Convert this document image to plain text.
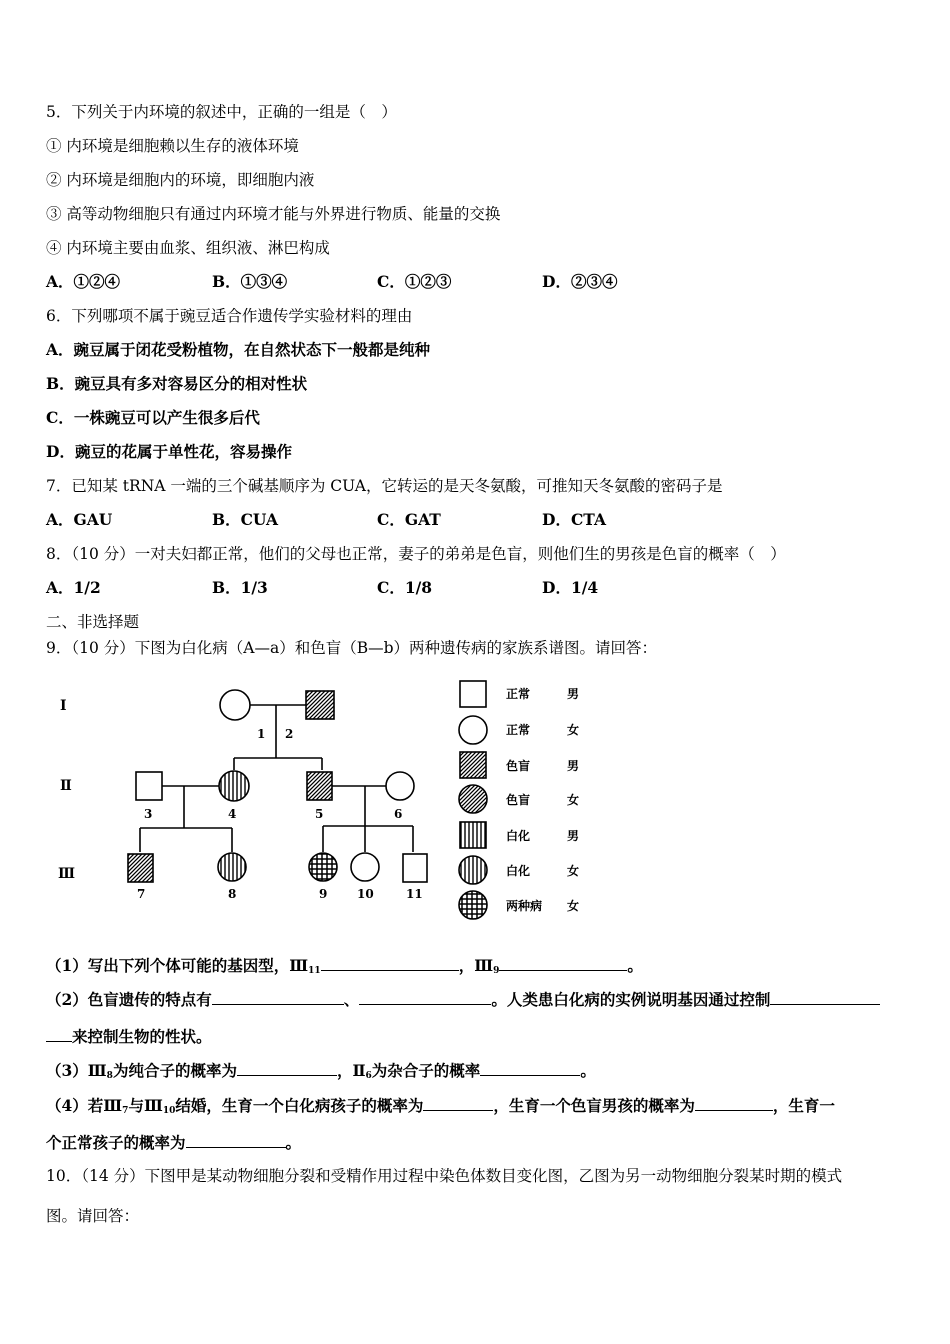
5．下列关于内环境的叙述中，正确的一组是（　）
① 内环境是细胞赖以生存的液体环境
② 内环境是细胞内的环境，即细胞内液
③ 高等动物细胞只有通过内环境才能与外界进行物质、能量的交换
④ 内环境主要由血浆、组织液、淋巴构成
A．①②④	B．①③④	C．①②③	D．②③④
6．下列哪项不属于豌豆适合作遗传学实验材料的理由
A．豌豆属于闭花受粉植物，在自然状态下一般都是纯种
B．豌豆具有多对容易区分的相对性状
C．一株豌豆可以产生很多后代
D．豌豆的花属于单性花，容易操作
7．已知某 tRNA 一端的三个碱基顺序为 CUA，它转运的是天冬氨酸，可推知天冬氨酸的密码子是
A．GAU	B．CUA	C．GAT	D．CTA
8．（10 分）一对夫妇都正常，他们的父母也正常，妻子的弟弟是色盲，则他们生的男孩是色盲的概率（　）
A．1/2	B．1/3	C．1/8	D．1/4
二、非选择题
9．（10 分）下图为白化病（A—a）和色盲（B—b）两种遗传病的家族系谱图。请回答：
Ⅰ
Ⅱ
Ⅲ
1 2
3	4	5	6
7	8	9 10	11
正常	男
正常	女
色盲	男
色盲	女
白化	男
白化	女
两种病 女
（1）写出下列个体可能的基因型，$Ⅲ_{11}$	，$Ⅲ_9$	。
（2）色盲遗传的特点有	、	。人类患白化病的实例说明基因通过控制
来控制生物的性状。
$(3)Ⅲ_8$为纯合子的概率为	，$Ⅱ_6$为杂合子的概率	。
（4）若$Ⅲ_7$与$Ⅲ_{10}$结婚，生育一个白化病孩子的概率为	，生育一个色盲男孩的概率为	，生育一
个正常孩子的概率为	。
10．（14 分）下图甲是某动物细胞分裂和受精作用过程中染色体数目变化图，乙图为另一动物细胞分裂某时期的模式
图。请回答：
